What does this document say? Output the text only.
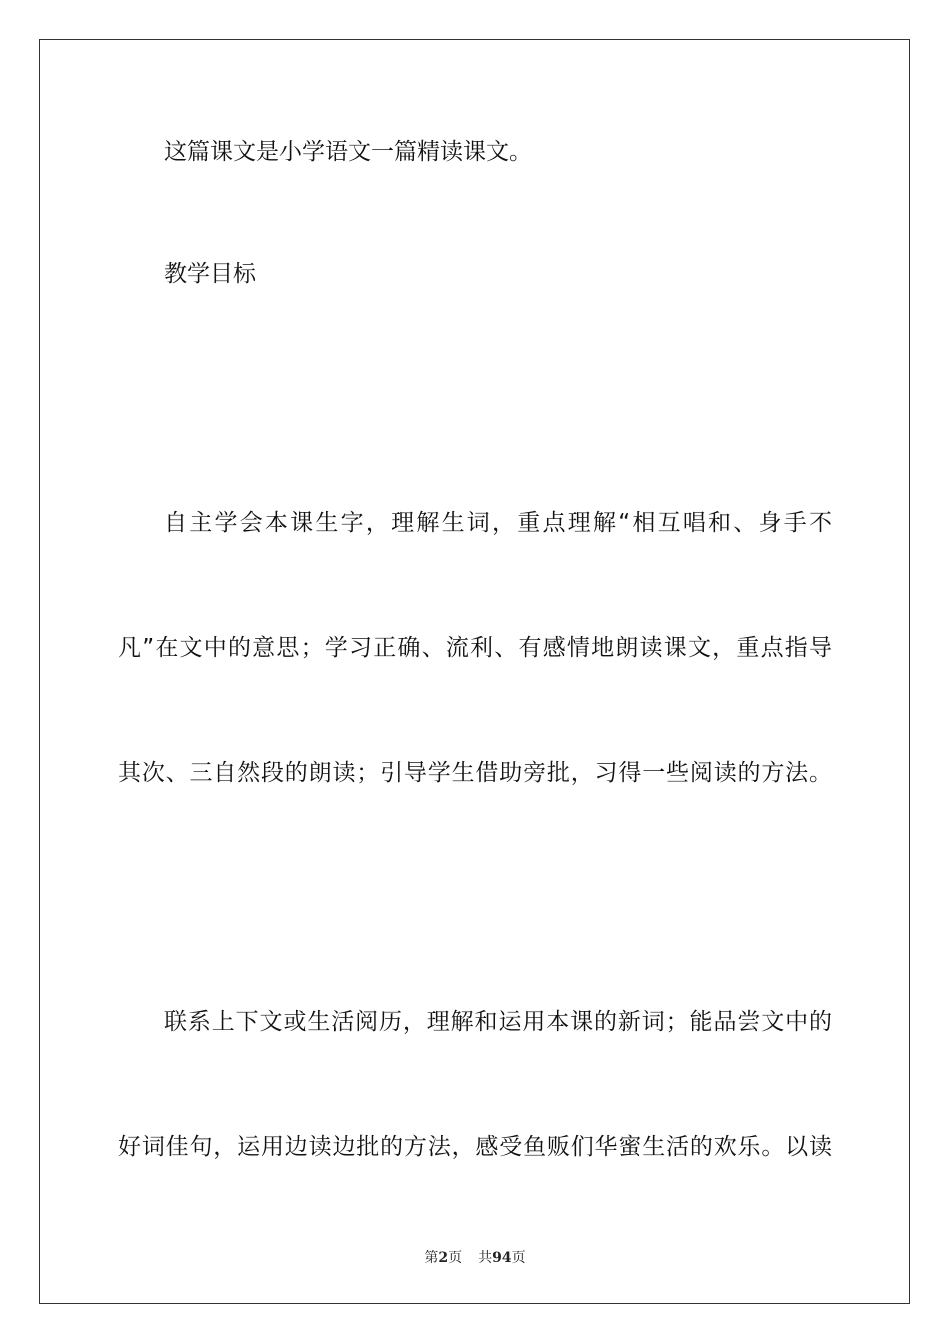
这篇课文是小学语文一篇精读课文。
教学目标
自主学会本课生字，理解生词，重点理解“相互唱和、身手不
凡”在文中的意思；学习正确、流利、有感情地朗读课文，重点指导
其次、三自然段的朗读；引导学生借助旁批，习得一些阅读的方法。
联系上下文或生活阅历，理解和运用本课的新词；能品尝文中的
好词佳句，运用边读边批的方法，感受鱼贩们华蜜生活的欢乐。以读
第2页 共94页
